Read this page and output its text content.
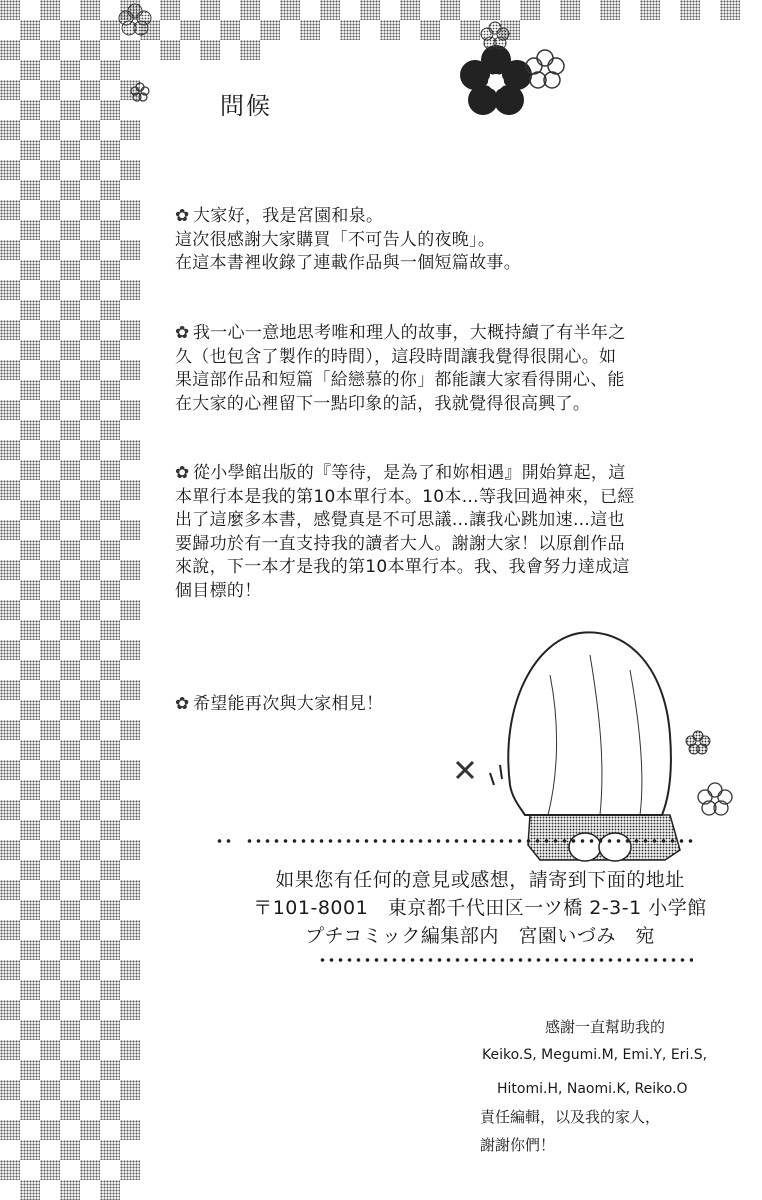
問候

✿ 大家好，我是宮園和泉。
這次很感謝大家購買「不可告人的夜晚」。
在這本書裡收錄了連載作品與一個短篇故事。

✿ 我一心一意地思考唯和理人的故事，大概持續了有半年之
久（也包含了製作的時間），這段時間讓我覺得很開心。如
果這部作品和短篇「給戀慕的你」都能讓大家看得開心、能
在大家的心裡留下一點印象的話，我就覺得很高興了。

✿ 從小學館出版的『等待，是為了和妳相遇』開始算起，這
本單行本是我的第10本單行本。10本…等我回過神來，已經
出了這麼多本書，感覺真是不可思議…讓我心跳加速…這也
要歸功於有一直支持我的讀者大人。謝謝大家！以原創作品
來說，下一本才是我的第10本單行本。我、我會努力達成這
個目標的！

✿ 希望能再次與大家相見！

如果您有任何的意見或感想，請寄到下面的地址
〒101-8001　東京都千代田区一ツ橋 2-3-1 小学館
プチコミック編集部内　宮園いづみ　宛
感謝一直幫助我的
Keiko.S, Megumi.M, Emi.Y, Eri.S,
Hitomi.H, Naomi.K, Reiko.O
責任編輯，以及我的家人，
謝謝你們！
